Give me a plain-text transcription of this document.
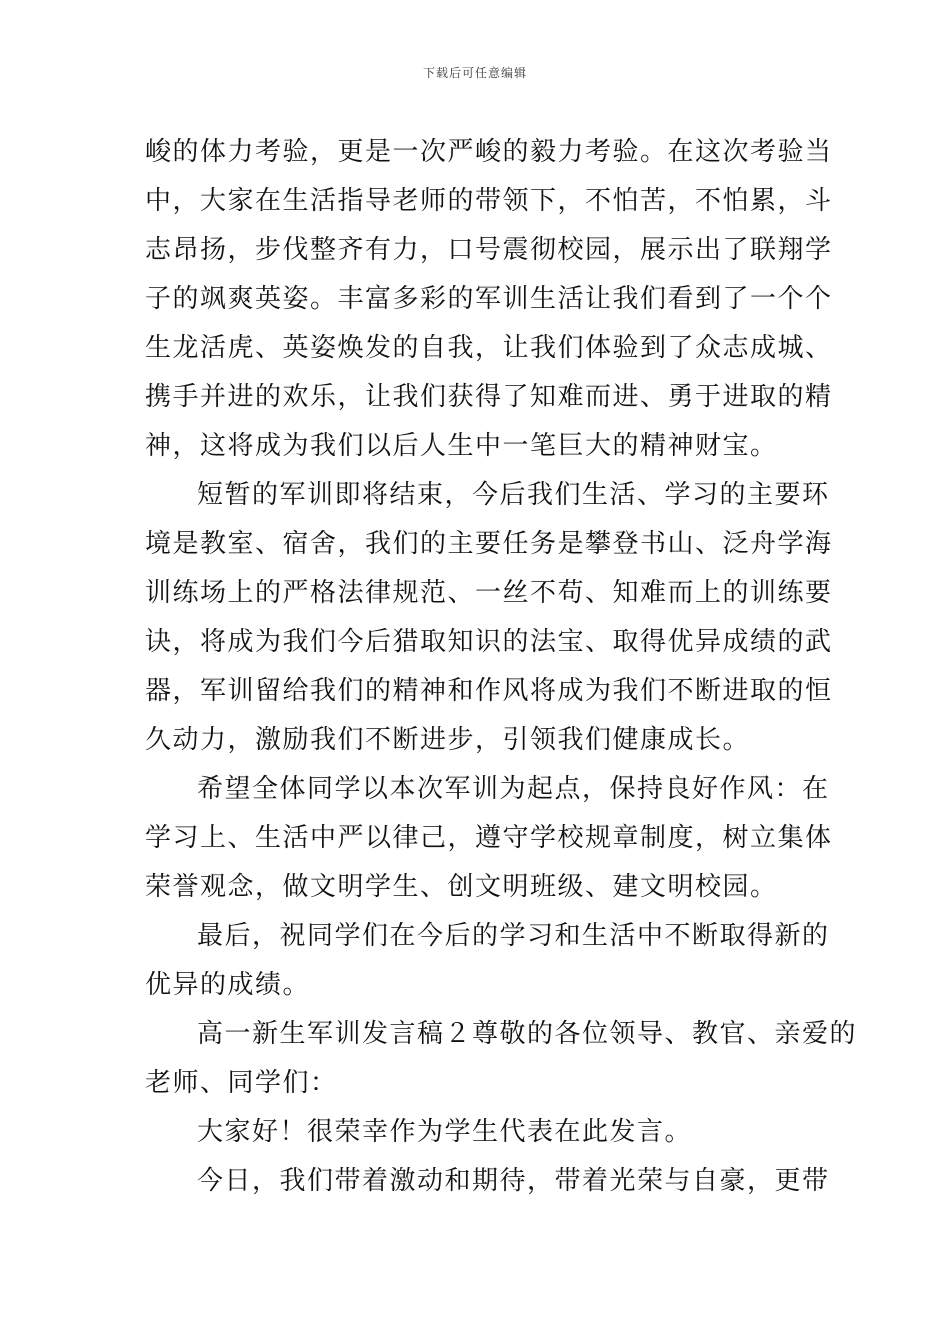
下载后可任意编辑

峻的体力考验，更是一次严峻的毅力考验。在这次考验当
中，大家在生活指导老师的带领下，不怕苦，不怕累，斗
志昂扬，步伐整齐有力，口号震彻校园，展示出了联翔学
子的飒爽英姿。丰富多彩的军训生活让我们看到了一个个
生龙活虎、英姿焕发的自我，让我们体验到了众志成城、
携手并进的欢乐，让我们获得了知难而进、勇于进取的精
神，这将成为我们以后人生中一笔巨大的精神财宝。

短暂的军训即将结束，今后我们生活、学习的主要环
境是教室、宿舍，我们的主要任务是攀登书山、泛舟学海
训练场上的严格法律规范、一丝不苟、知难而上的训练要
诀，将成为我们今后猎取知识的法宝、取得优异成绩的武
器，军训留给我们的精神和作风将成为我们不断进取的恒
久动力，激励我们不断进步，引领我们健康成长。

希望全体同学以本次军训为起点，保持良好作风：在
学习上、生活中严以律己，遵守学校规章制度，树立集体
荣誉观念，做文明学生、创文明班级、建文明校园。

最后，祝同学们在今后的学习和生活中不断取得新的
优异的成绩。

高一新生军训发言稿２尊敬的各位领导、教官、亲爱的
老师、同学们：

大家好！很荣幸作为学生代表在此发言。

今日，我们带着激动和期待，带着光荣与自豪，更带
